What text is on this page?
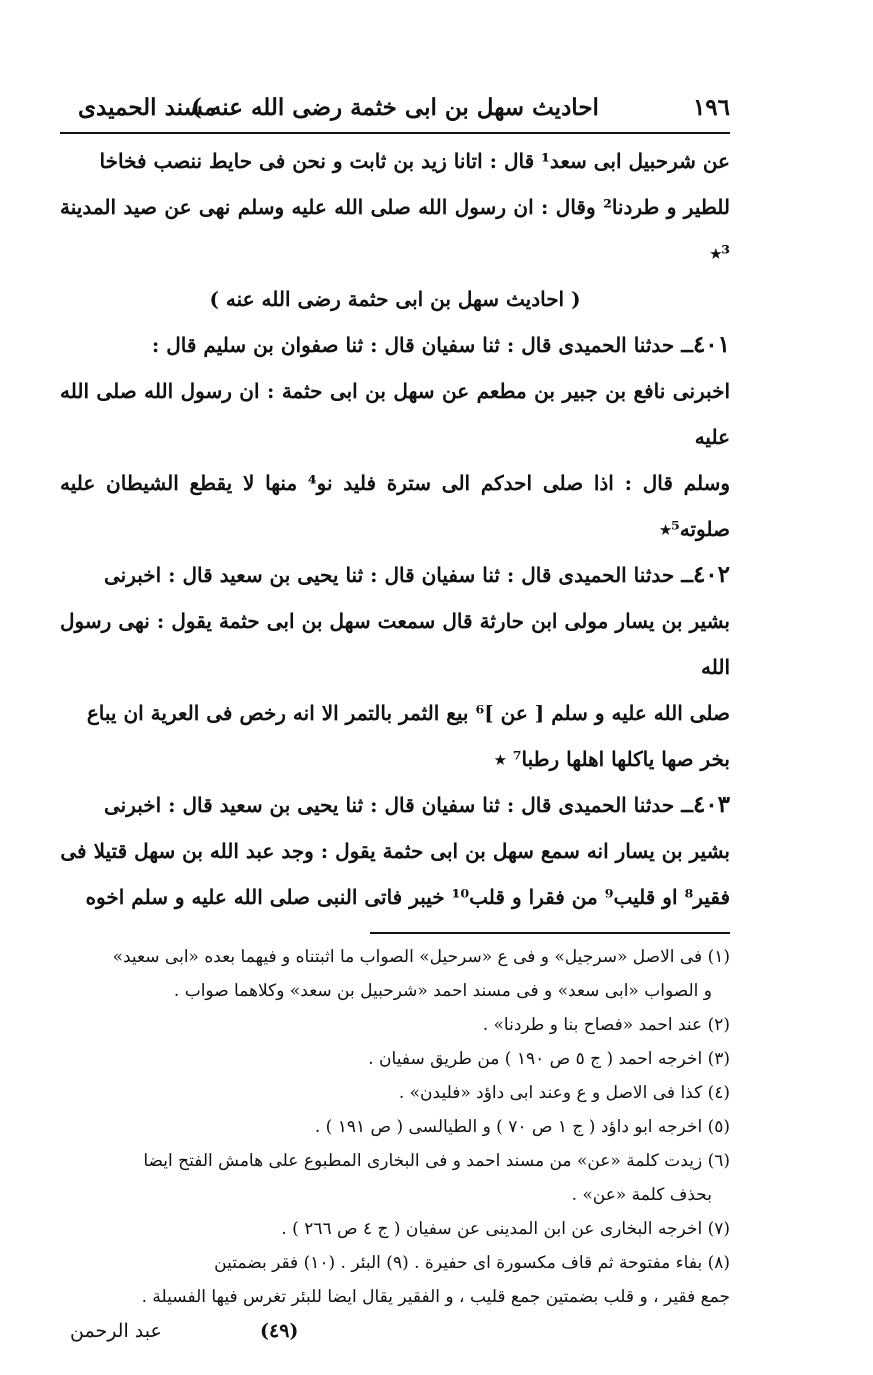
١٩٦
احاديث سهل بن ابى خثمة رضى الله عنه )
مسند الحميدى

عن شرحبيل ابى سعد¹ قال : اتانا زيد بن ثابت و نحن فى حايط ننصب فخاخا

للطير و طردنا² وقال : ان رسول الله صلى الله عليه وسلم نهى عن صيد المدينة ³٭

( احاديث سهل بن ابى حثمة رضى الله عنه )

٤٠١ــ حدثنا الحميدى قال : ثنا سفيان قال : ثنا صفوان بن سليم قال :

اخبرنى نافع بن جبير بن مطعم عن سهل بن ابى حثمة : ان رسول الله صلى الله عليه

وسلم قال : اذا صلى احدكم الى سترة فليد نو⁴ منها لا يقطع الشيطان عليه صلوته⁵٭

٤٠٢ــ حدثنا الحميدى قال : ثنا سفيان قال : ثنا يحيى بن سعيد قال : اخبرنى

بشير بن يسار مولى ابن حارثة قال سمعت سهل بن ابى حثمة يقول : نهى رسول الله

صلى الله عليه و سلم [ عن ]⁶ بيع الثمر بالتمر الا انه رخص فى العرية ان يباع

بخر صها ياكلها اهلها رطبا⁷ ٭

٤٠٣ــ حدثنا الحميدى قال : ثنا سفيان قال : ثنا يحيى بن سعيد قال : اخبرنى

بشير بن يسار انه سمع سهل بن ابى حثمة يقول : وجد عبد الله بن سهل قتيلا فى

فقير⁸ او قليب⁹ من فقرا و قلب¹⁰ خيبر فاتى النبى صلى الله عليه و سلم اخوه

(١) فى الاصل «سرجيل» و فى ع «سرحيل» الصواب ما اثبتناه و فيهما بعده «ابى سعيد»

و الصواب «ابى سعد» و فى مسند احمد «شرحبيل بن سعد» وكلاهما صواب .

(٢) عند احمد «فصاح بنا و طردنا» .

(٣) اخرجه احمد ( ج ٥ ص ١٩٠ ) من طريق سفيان .

(٤) كذا فى الاصل و ع وعند ابى داؤد «فليدن» .

(٥) اخرجه ابو داؤد ( ج ١ ص ٧٠ ) و الطيالسى ( ص ١٩١ ) .

(٦) زيدت كلمة «عن» من مسند احمد و فى البخارى المطبوع على هامش الفتح ايضا

بحذف كلمة «عن» .

(٧) اخرجه البخارى عن ابن المدينى عن سفيان ( ج ٤ ص ٢٦٦ ) .

(٨) بفاء مفتوحة ثم قاف مكسورة اى حفيرة . (٩) البئر . (١٠) فقر بضمتين

جمع فقير ، و قلب بضمتين جمع قليب ، و الفقير يقال ايضا للبئر تغرس فيها الفسيلة .

(٤٩)
عبد الرحمن
